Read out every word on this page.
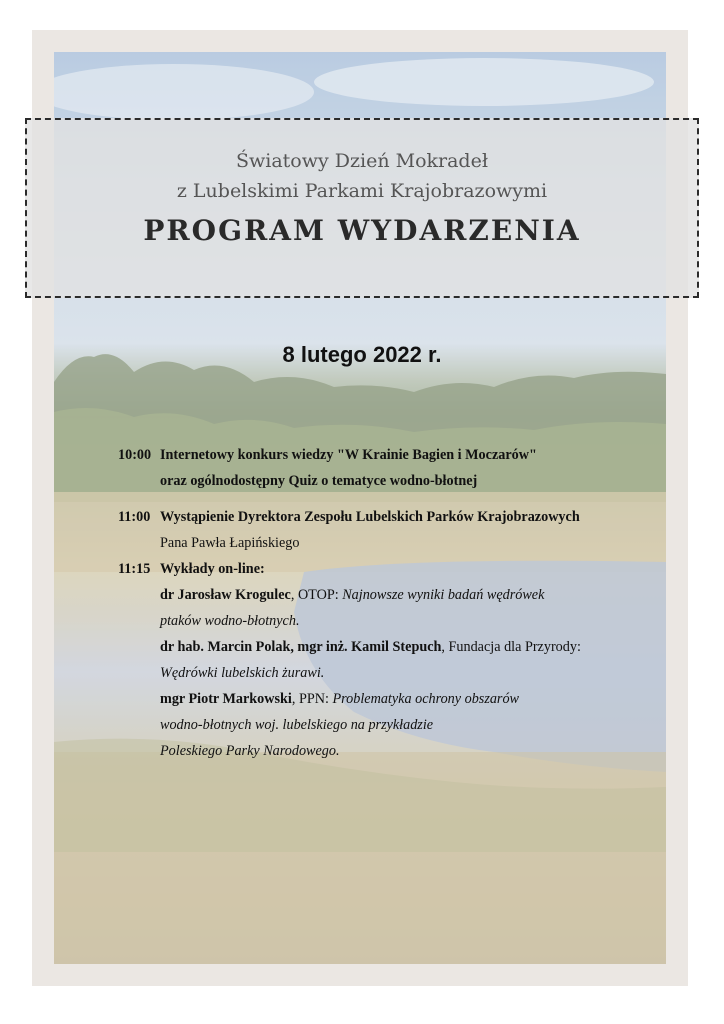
Światowy Dzień Mokradeł
z Lubelskimi Parkami Krajobrazowymi
PROGRAM WYDARZENIA
8 lutego 2022 r.
10:00 Internetowy konkurs wiedzy "W Krainie Bagien i Moczarów"
oraz ogólnodostępny Quiz o tematyce wodno-błotnej
11:00 Wystąpienie Dyrektora Zespołu Lubelskich Parków Krajobrazowych
Pana Pawła Łapińskiego
11:15 Wykłady on-line:
dr Jarosław Krogulec, OTOP: Najnowsze wyniki badań wędrówek
ptaków wodno-błotnych.
dr hab. Marcin Polak, mgr inż. Kamil Stepuch, Fundacja dla Przyrody:
Wędrówki lubelskich żurawi.
mgr Piotr Markowski, PPN: Problematyka ochrony obszarów
wodno-błotnych woj. lubelskiego na przykładzie
Poleskiego Parky Narodowego.
